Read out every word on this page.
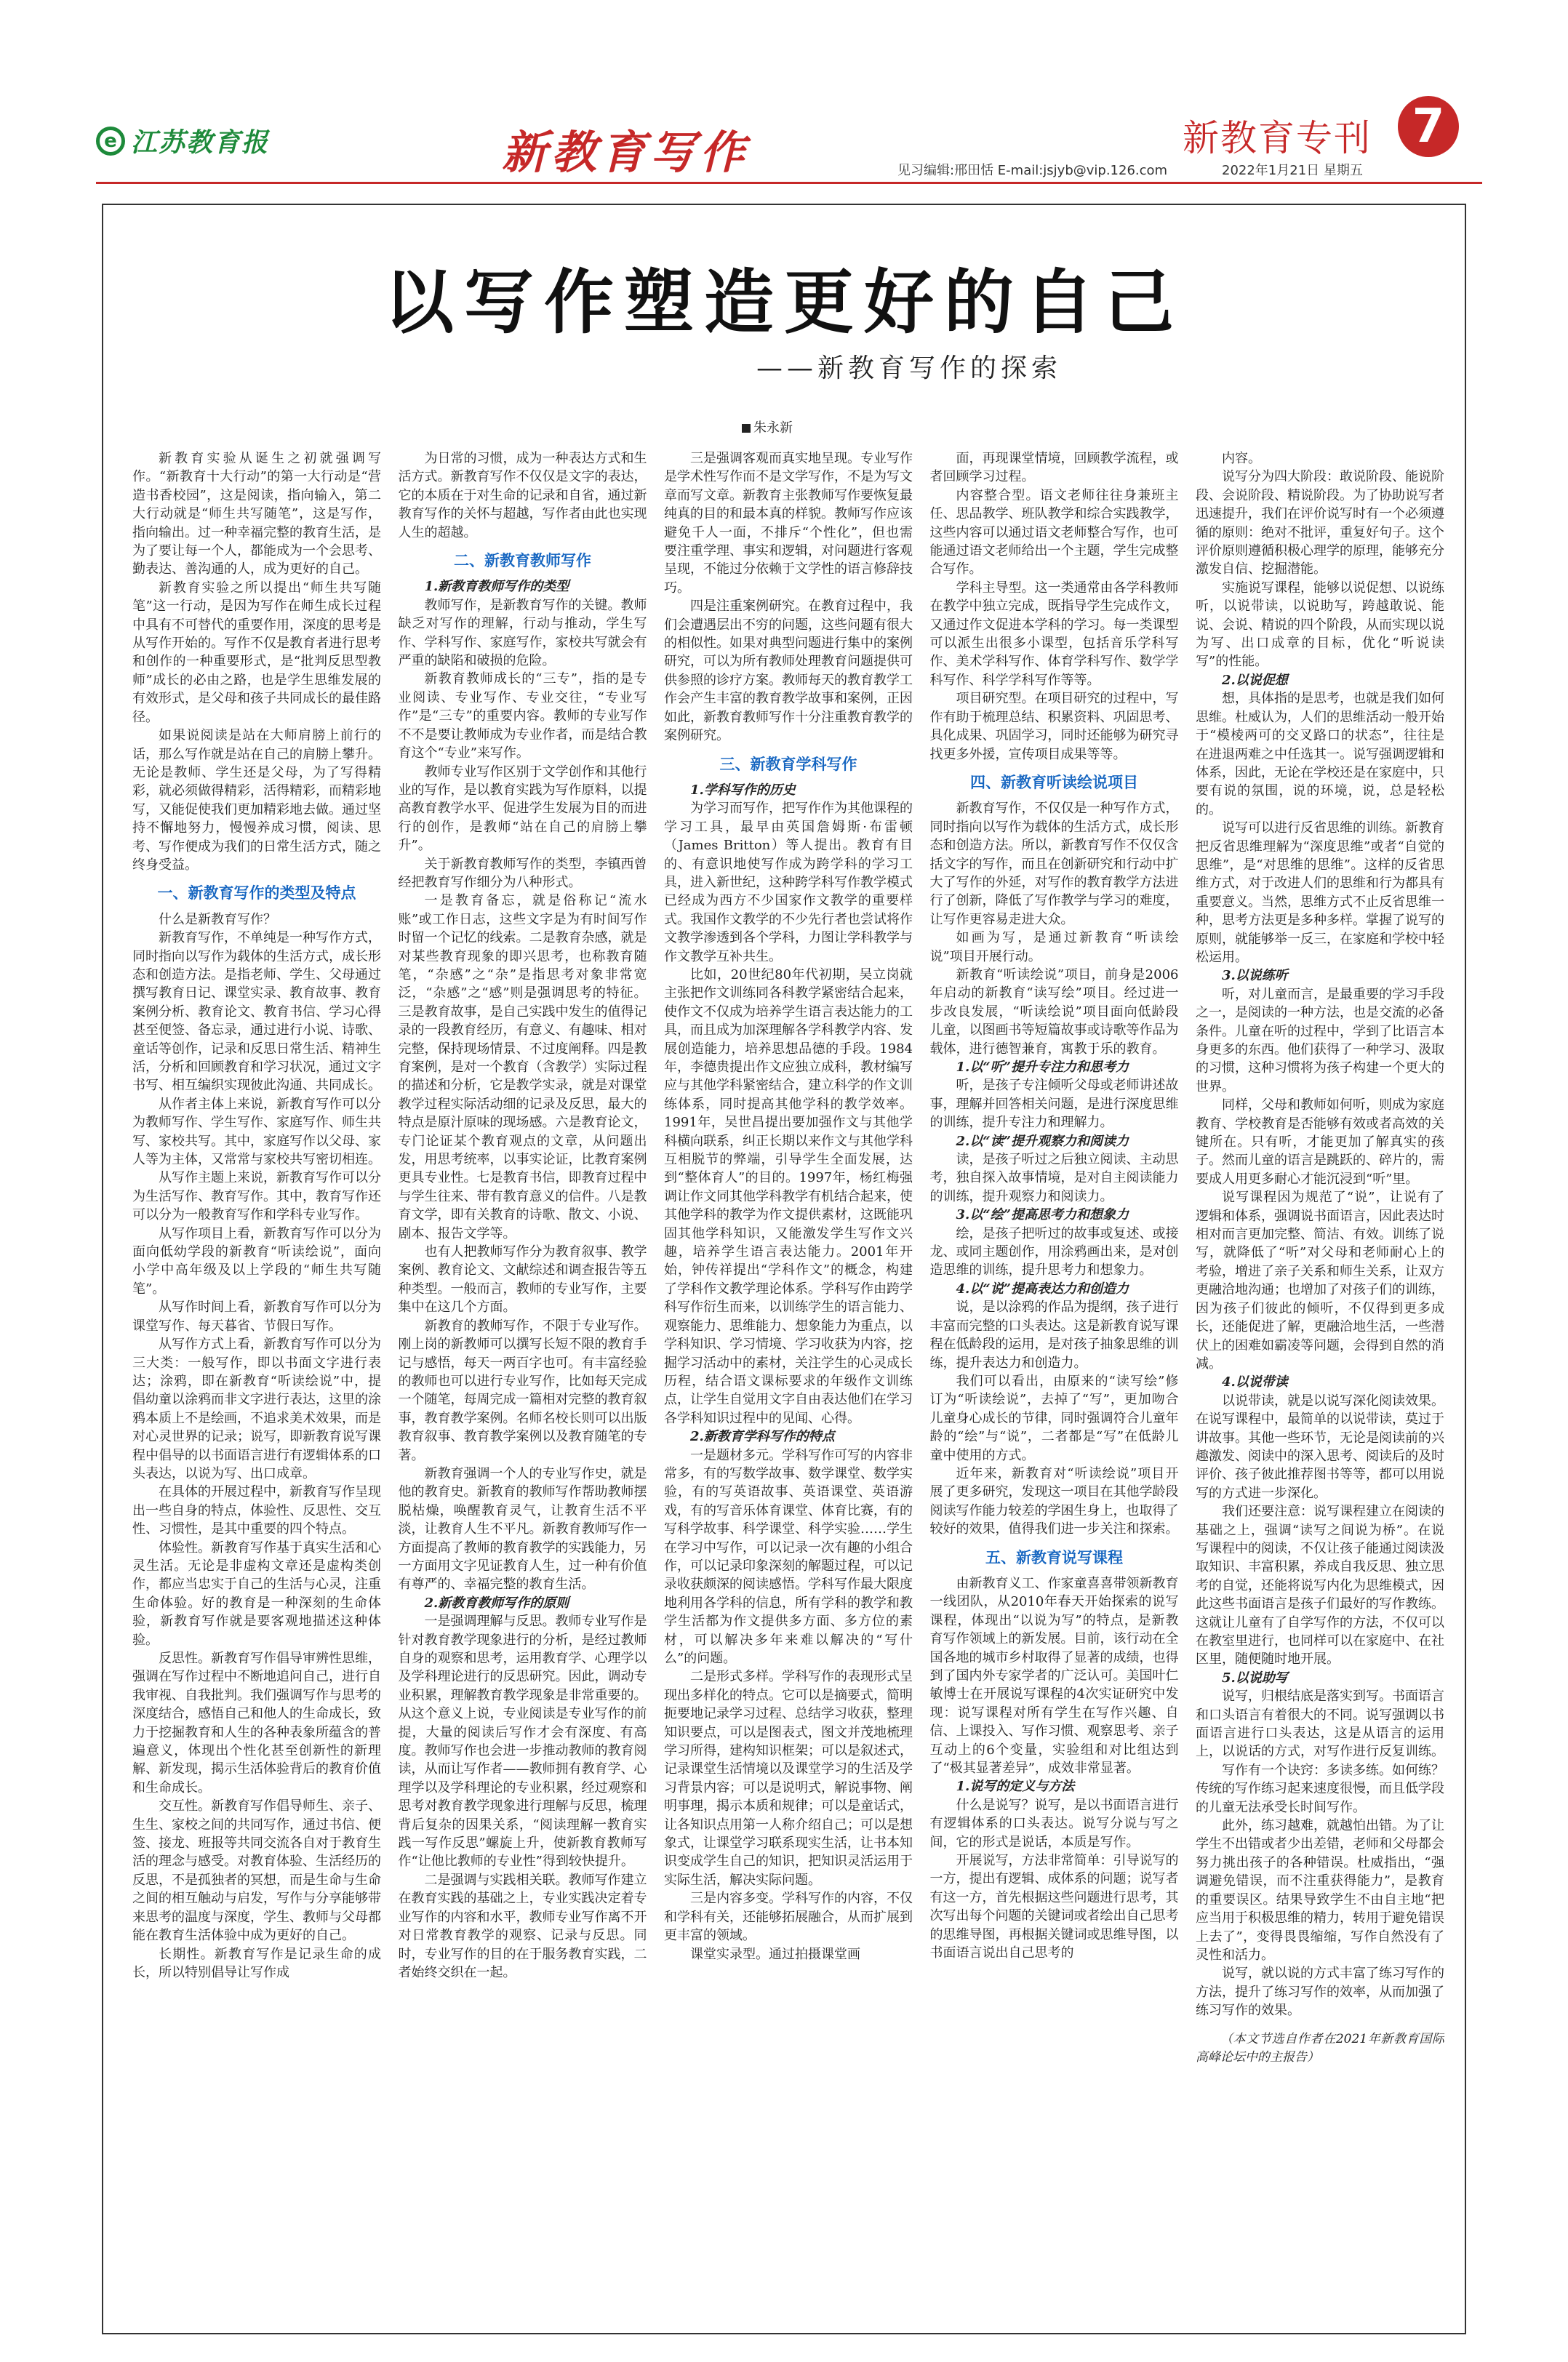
e 江苏教育报	新教育写作	见习编辑:邢田恬 E-mail:jsjyb@vip.126.com
新教育专刊 7
2022年1月21日 星期五
以写作塑造更好的自己
——新教育写作的探索
朱永新

新教育实验从诞生之初就强调写作。“新教育十大行动”的第一大行动是“营造书香校园”，这是阅读，指向输入，第二大行动就是“师生共写随笔”，这是写作，指向输出。过一种幸福完整的教育生活，是为了要让每一个人，都能成为一个会思考、勤表达、善沟通的人，成为更好的自己。

新教育实验之所以提出“师生共写随笔”这一行动，是因为写作在师生成长过程中具有不可替代的重要作用，深度的思考是从写作开始的。写作不仅是教育者进行思考和创作的一种重要形式，是“批判反思型教师”成长的必由之路，也是学生思维发展的有效形式，是父母和孩子共同成长的最佳路径。

如果说阅读是站在大师肩膀上前行的话，那么写作就是站在自己的肩膀上攀升。无论是教师、学生还是父母，为了写得精彩，就必须做得精彩，活得精彩，而精彩地写，又能促使我们更加精彩地去做。通过坚持不懈地努力，慢慢养成习惯，阅读、思考、写作便成为我们的日常生活方式，随之终身受益。

一、新教育写作的类型及特点

什么是新教育写作？

新教育写作，不单纯是一种写作方式，同时指向以写作为载体的生活方式，成长形态和创造方法。是指老师、学生、父母通过撰写教育日记、课堂实录、教育故事、教育案例分析、教育论文、教育书信、学习心得甚至便签、备忘录，通过进行小说、诗歌、童话等创作，记录和反思日常生活、精神生活，分析和回顾教育和学习状况，通过文字书写、相互编织实现彼此沟通、共同成长。

从作者主体上来说，新教育写作可以分为教师写作、学生写作、家庭写作、师生共写、家校共写。其中，家庭写作以父母、家人等为主体，又常常与家校共写密切相连。

从写作主题上来说，新教育写作可以分为生活写作、教育写作。其中，教育写作还可以分为一般教育写作和学科专业写作。

从写作项目上看，新教育写作可以分为面向低幼学段的新教育“听读绘说”，面向小学中高年级及以上学段的“师生共写随笔”。

从写作时间上看，新教育写作可以分为课堂写作、每天暮省、节假日写作。

从写作方式上看，新教育写作可以分为三大类：一般写作，即以书面文字进行表达；涂鸦，即在新教育“听读绘说”中，提倡幼童以涂鸦而非文字进行表达，这里的涂鸦本质上不是绘画，不追求美术效果，而是对心灵世界的记录；说写，即新教育说写课程中倡导的以书面语言进行有逻辑体系的口头表达，以说为写、出口成章。

在具体的开展过程中，新教育写作呈现出一些自身的特点，体验性、反思性、交互性、习惯性，是其中重要的四个特点。

体验性。新教育写作基于真实生活和心灵生活。无论是非虚构文章还是虚构类创作，都应当忠实于自己的生活与心灵，注重生命体验。好的教育是一种深刻的生命体验，新教育写作就是要客观地描述这种体验。

反思性。新教育写作倡导审辨性思维，强调在写作过程中不断地追问自己，进行自我审视、自我批判。我们强调写作与思考的深度结合，感悟自己和他人的生命成长，致力于挖掘教育和人生的各种表象所蕴含的普遍意义，体现出个性化甚至创新性的新理解、新发现，揭示生活体验背后的教育价值和生命成长。

交互性。新教育写作倡导师生、亲子、生生、家校之间的共同写作，通过书信、便签、接龙、班报等共同交流各自对于教育生活的理念与感受。对教育体验、生活经历的反思，不是孤独者的冥想，而是生命与生命之间的相互触动与启发，写作与分享能够带来思考的温度与深度，学生、教师与父母都能在教育生活体验中成为更好的自己。

长期性。新教育写作是记录生命的成长，所以特别倡导让写作成

为日常的习惯，成为一种表达方式和生活方式。新教育写作不仅仅是文字的表达，它的本质在于对生命的记录和自省，通过新教育写作的关怀与超越，写作者由此也实现人生的超越。

二、新教育教师写作

1.新教育教师写作的类型

教师写作，是新教育写作的关键。教师缺乏对写作的理解，行动与推动，学生写作、学科写作、家庭写作，家校共写就会有严重的缺陷和破损的危险。

新教育教师成长的“三专”，指的是专业阅读、专业写作、专业交往，“专业写作”是“三专”的重要内容。教师的专业写作不不是要让教师成为专业作者，而是结合教育这个“专业”来写作。

教师专业写作区别于文学创作和其他行业的写作，是以教育实践为写作原料，以提高教育教学水平、促进学生发展为目的而进行的创作，是教师“站在自己的肩膀上攀升”。

关于新教育教师写作的类型，李镇西曾经把教育写作细分为八种形式。

一是教育备忘，就是俗称记“流水账”或工作日志，这些文字是为有时间写作时留一个记忆的线索。二是教育杂感，就是对某些教育现象的即兴思考，也称教育随笔，“杂感”之“杂”是指思考对象非常宽泛，“杂感”之“感”则是强调思考的特征。三是教育故事，是自己实践中发生的值得记录的一段教育经历，有意义、有趣味、相对完整，保持现场情景、不过度阐释。四是教育案例，是对一个教育（含教学）实际过程的描述和分析，它是教学实录，就是对课堂教学过程实际活动细的记录及反思，最大的特点是原汁原味的现场感。六是教育论文，专门论证某个教育观点的文章，从问题出发，用思考统率，以事实论证，比教育案例更具专业性。七是教育书信，即教育过程中与学生往来、带有教育意义的信件。八是教育文学，即有关教育的诗歌、散文、小说、剧本、报告文学等。

也有人把教师写作分为教育叙事、教学案例、教育论文、文献综述和调查报告等五种类型。一般而言，教师的专业写作，主要集中在这几个方面。

新教育的教师写作，不限于专业写作。刚上岗的新教师可以撰写长短不限的教育手记与感悟，每天一两百字也可。有丰富经验的教师也可以进行专业写作，比如每天完成一个随笔，每周完成一篇相对完整的教育叙事，教育教学案例。名师名校长则可以出版教育叙事、教育教学案例以及教育随笔的专著。

新教育强调一个人的专业写作史，就是他的教育史。新教育的教师写作帮助教师摆脱枯燥，唤醒教育灵气，让教育生活不平淡，让教育人生不平凡。新教育教师写作一方面提高了教师的教育教学的实践能力，另一方面用文字见证教育人生，过一种有价值有尊严的、幸福完整的教育生活。

2.新教育教师写作的原则

一是强调理解与反思。教师专业写作是针对教育教学现象进行的分析，是经过教师自身的观察和思考，运用教育学、心理学以及学科理论进行的反思研究。因此，调动专业积累，理解教育教学现象是非常重要的。从这个意义上说，专业阅读是专业写作的前提，大量的阅读后写作才会有深度、有高度。教师写作也会进一步推动教师的教育阅读，从而让写作者——教师拥有教育学、心理学以及学科理论的专业积累，经过观察和思考对教育教学现象进行理解与反思，梳理背后复杂的因果关系，“阅读理解一教育实践一写作反思”螺旋上升，使新教育教师写作“让他比教师的专业性”得到较快提升。

二是强调与实践相关联。教师写作建立在教育实践的基础之上，专业实践决定着专业写作的内容和水平，教师专业写作离不开对日常教育教学的观察、记录与反思。同时，专业写作的目的在于服务教育实践，二者始终交织在一起。

三是强调客观而真实地呈现。专业写作是学术性写作而不是文学写作，不是为写文章而写文章。新教育主张教师写作要恢复最纯真的目的和最本真的样貌。教师写作应该避免千人一面，不排斥“个性化”，但也需要注重学理、事实和逻辑，对问题进行客观呈现，不能过分依赖于文学性的语言修辞技巧。

四是注重案例研究。在教育过程中，我们会遭遇层出不穷的问题，这些问题有很大的相似性。如果对典型问题进行集中的案例研究，可以为所有教师处理教育问题提供可供参照的诊疗方案。教师每天的教育教学工作会产生丰富的教育教学故事和案例，正因如此，新教育教师写作十分注重教育教学的案例研究。

三、新教育学科写作

1.学科写作的历史

为学习而写作，把写作作为其他课程的学习工具，最早由英国詹姆斯·布雷顿（James Britton）等人提出。教育有目的、有意识地使写作成为跨学科的学习工具，进入新世纪，这种跨学科写作教学模式已经成为西方不少国家作文教学的重要样式。我国作文教学的不少先行者也尝试将作文教学渗透到各个学科，力图让学科教学与作文教学互补共生。

比如，20世纪80年代初期，吴立岗就主张把作文训练同各科教学紧密结合起来，使作文不仅成为培养学生语言表达能力的工具，而且成为加深理解各学科教学内容、发展创造能力，培养思想品德的手段。1984年，李德贵提出作文应独立成科，教材编写应与其他学科紧密结合，建立科学的作文训练体系，同时提高其他学科的教学效率。1991年，吴世昌提出要加强作文与其他学科横向联系，纠正长期以来作文与其他学科互相脱节的弊端，引导学生全面发展，达到“整体育人”的目的。1997年，杨红梅强调让作文同其他学科教学有机结合起来，使其他学科的教学为作文提供素材，这既能巩固其他学科知识，又能激发学生写作文兴趣，培养学生语言表达能力。2001年开始，钟传祥提出“学科作文”的概念，构建了学科作文教学理论体系。学科写作由跨学科写作衍生而来，以训练学生的语言能力、观察能力、思维能力、想象能力为重点，以学科知识、学习情境、学习收获为内容，挖掘学习活动中的素材，关注学生的心灵成长历程，结合语文课标要求的年级作文训练点，让学生自觉用文字自由表达他们在学习各学科知识过程中的见闻、心得。

2.新教育学科写作的特点

一是题材多元。学科写作可写的内容非常多，有的写数学故事、数学课堂、数学实验，有的写英语故事、英语课堂、英语游戏，有的写音乐体育课堂、体育比赛，有的写科学故事、科学课堂、科学实验……学生在学习中写作，可以记录一次有趣的小组合作，可以记录印象深刻的解题过程，可以记录收获颇深的阅读感悟。学科写作最大限度地利用各学科的信息，所有学科的教学和教学生活都为作文提供多方面、多方位的素材，可以解决多年来难以解决的“写什么”的问题。

二是形式多样。学科写作的表现形式呈现出多样化的特点。它可以是摘要式，简明扼要地记录学习过程、总结学习收获，整理知识要点，可以是图表式，图文并茂地梳理学习所得，建构知识框架；可以是叙述式，记录课堂生活情境以及课堂学习的生活及学习背景内容；可以是说明式，解说事物、阐明事理，揭示本质和规律；可以是童话式，让各知识点用第一人称介绍自己；可以是想象式，让课堂学习联系现实生活，让书本知识变成学生自己的知识，把知识灵活运用于实际生活，解决实际问题。

三是内容多变。学科写作的内容，不仅和学科有关，还能够拓展融合，从而扩展到更丰富的领域。

课堂实录型。通过拍摄课堂画

面，再现课堂情境，回顾教学流程，或者回顾学习过程。

内容整合型。语文老师往往身兼班主任、思品教学、班队教学和综合实践教学，这些内容可以通过语文老师整合写作，也可能通过语文老师给出一个主题，学生完成整合写作。

学科主导型。这一类通常由各学科教师在教学中独立完成，既指导学生完成作文，又通过作文促进本学科的学习。每一类课型可以派生出很多小课型，包括音乐学科写作、美术学科写作、体育学科写作、数学学科写作、科学学科写作等等。

项目研究型。在项目研究的过程中，写作有助于梳理总结、积累资料、巩固思考、具化成果、巩固学习，同时还能够为研究寻找更多外援，宣传项目成果等等。

四、新教育听读绘说项目

新教育写作，不仅仅是一种写作方式，同时指向以写作为载体的生活方式，成长形态和创造方法。所以，新教育写作不仅仅含括文字的写作，而且在创新研究和行动中扩大了写作的外延，对写作的教育教学方法进行了创新，降低了写作教学与学习的难度，让写作更容易走进大众。

如画为写，是通过新教育“听读绘说”项目开展行动。

新教育“听读绘说”项目，前身是2006年启动的新教育“读写绘”项目。经过进一步改良发展，“听读绘说”项目面向低龄段儿童，以图画书等短篇故事或诗歌等作品为载体，进行德智兼育，寓教于乐的教育。

1.以“听”提升专注力和思考力

听，是孩子专注倾听父母或老师讲述故事，理解并回答相关问题，是进行深度思维的训练，提升专注力和理解力。

2.以“读”提升观察力和阅读力

读，是孩子听过之后独立阅读、主动思考，独自探入故事情境，是对自主阅读能力的训练，提升观察力和阅读力。

3.以“绘”提高思考力和想象力

绘，是孩子把听过的故事或复述、或接龙、或同主题创作，用涂鸦画出来，是对创造思维的训练，提升思考力和想象力。

4.以“说”提高表达力和创造力

说，是以涂鸦的作品为提纲，孩子进行丰富而完整的口头表达。这是新教育说写课程在低龄段的运用，是对孩子抽象思维的训练，提升表达力和创造力。

我们可以看出，由原来的“读写绘”修订为“听读绘说”，去掉了“写”，更加吻合儿童身心成长的节律，同时强调符合儿童年龄的“绘”与“说”，二者都是“写”在低龄儿童中使用的方式。

近年来，新教育对“听读绘说”项目开展了更多研究，发现这一项目在其他学龄段阅读写作能力较差的学困生身上，也取得了较好的效果，值得我们进一步关注和探索。

五、新教育说写课程

由新教育义工、作家童喜喜带领新教育一线团队，从2010年春天开始探索的说写课程，体现出“以说为写”的特点，是新教育写作领域上的新发展。目前，该行动在全国各地的城市乡村取得了显著的成绩，也得到了国内外专家学者的广泛认可。美国叶仁敏博士在开展说写课程的4次实证研究中发现：说写课程对所有学生在写作兴趣、自信、上课投入、写作习惯、观察思考、亲子互动上的6个变量，实验组和对比组达到了“极其显著差异”，成效非常显著。

1.说写的定义与方法

什么是说写？说写，是以书面语言进行有逻辑体系的口头表达。说写分说与写之间，它的形式是说话，本质是写作。

开展说写，方法非常简单：引导说写的一方，提出有逻辑、成体系的问题；说写者有这一方，首先根据这些问题进行思考，其次写出每个问题的关键词或者绘出自己思考的思维导图，再根据关键词或思维导图，以书面语言说出自己思考的

内容。

说写分为四大阶段：敢说阶段、能说阶段、会说阶段、精说阶段。为了协助说写者迅速提升，我们在评价说写时有一个必须遵循的原则：绝对不批评，重复好句子。这个评价原则遵循积极心理学的原理，能够充分激发自信、挖掘潜能。

实施说写课程，能够以说促想、以说练听，以说带读，以说助写，跨越敢说、能说、会说、精说的四个阶段，从而实现以说为写、出口成章的目标，优化“听说读写”的性能。

2.以说促想

想，具体指的是思考，也就是我们如何思维。杜威认为，人们的思维活动一般开始于“模棱两可的交叉路口的状态”，往往是在进退两难之中任选其一。说写强调逻辑和体系，因此，无论在学校还是在家庭中，只要有说的氛围，说的环境，说，总是轻松的。

说写可以进行反省思维的训练。新教育把反省思维理解为“深度思维”或者“自觉的思维”，是“对思维的思维”。这样的反省思维方式，对于改进人们的思维和行为都具有重要意义。当然，思维方式不止反省思维一种，思考方法更是多种多样。掌握了说写的原则，就能够举一反三，在家庭和学校中轻松运用。

3.以说练听

听，对儿童而言，是最重要的学习手段之一，是阅读的一种方法，也是交流的必备条件。儿童在听的过程中，学到了比语言本身更多的东西。他们获得了一种学习、汲取的习惯，这种习惯将为孩子构建一个更大的世界。

同样，父母和教师如何听，则成为家庭教育、学校教育是否能够有效或者高效的关键所在。只有听，才能更加了解真实的孩子。然而儿童的语言是跳跃的、碎片的，需要成人用更多耐心才能沉浸到“听”里。

说写课程因为规范了“说”，让说有了逻辑和体系，强调说书面语言，因此表达时相对而言更加完整、简洁、有效。训练了说写，就降低了“听”对父母和老师耐心上的考验，增进了亲子关系和师生关系，让双方更融洽地沟通；也增加了对孩子们的训练，因为孩子们彼此的倾听，不仅得到更多成长，还能促进了解，更融洽地生活，一些潜伏上的困难如霸凌等问题，会得到自然的消减。

4.以说带读

以说带读，就是以说写深化阅读效果。在说写课程中，最简单的以说带读，莫过于讲故事。其他一些环节，无论是阅读前的兴趣激发、阅读中的深入思考、阅读后的及时评价、孩子彼此推荐图书等等，都可以用说写的方式进一步深化。

我们还要注意：说写课程建立在阅读的基础之上，强调“读写之间说为桥”。在说写课程中的阅读，不仅让孩子能通过阅读汲取知识、丰富积累，养成自我反思、独立思考的自觉，还能将说写内化为思维模式，因此这些书面语言是孩子们最好的写作教练。这就让儿童有了自学写作的方法，不仅可以在教室里进行，也同样可以在家庭中、在社区里，随便随时地开展。

5.以说助写

说写，归根结底是落实到写。书面语言和口头语言有着很大的不同。说写强调以书面语言进行口头表达，这是从语言的运用上，以说话的方式，对写作进行反复训练。

写作有一个诀窍：多读多练。如何练？传统的写作练习起来速度很慢，而且低学段的儿童无法承受长时间写作。

此外，练习越难，就越怕出错。为了让学生不出错或者少出差错，老师和父母都会努力挑出孩子的各种错误。杜威指出，“强调避免错误，而不注重获得能力”，是教育的重要误区。结果导致学生不由自主地“把应当用于积极思维的精力，转用于避免错误上去了”，变得畏畏缩缩，写作自然没有了灵性和活力。

说写，就以说的方式丰富了练习写作的方法，提升了练习写作的效率，从而加强了练习写作的效果。

（本文节选自作者在2021年新教育国际高峰论坛中的主报告）
